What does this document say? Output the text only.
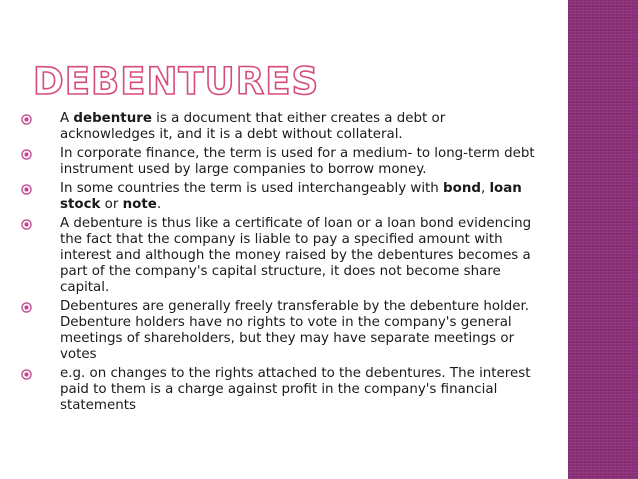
DEBENTURES
A debenture is a document that either creates a debt or acknowledges it, and it is a debt without collateral.
In corporate finance, the term is used for a medium- to long-term debt instrument used by large companies to borrow money.
In some countries the term is used interchangeably with bond, loan stock or note.
A debenture is thus like a certificate of loan or a loan bond evidencing the fact that the company is liable to pay a specified amount with interest and although the money raised by the debentures becomes a part of the company's capital structure, it does not become share capital.
Debentures are generally freely transferable by the debenture holder. Debenture holders have no rights to vote in the company's general meetings of shareholders, but they may have separate meetings or votes
e.g. on changes to the rights attached to the debentures. The interest paid to them is a charge against profit in the company's financial statements
